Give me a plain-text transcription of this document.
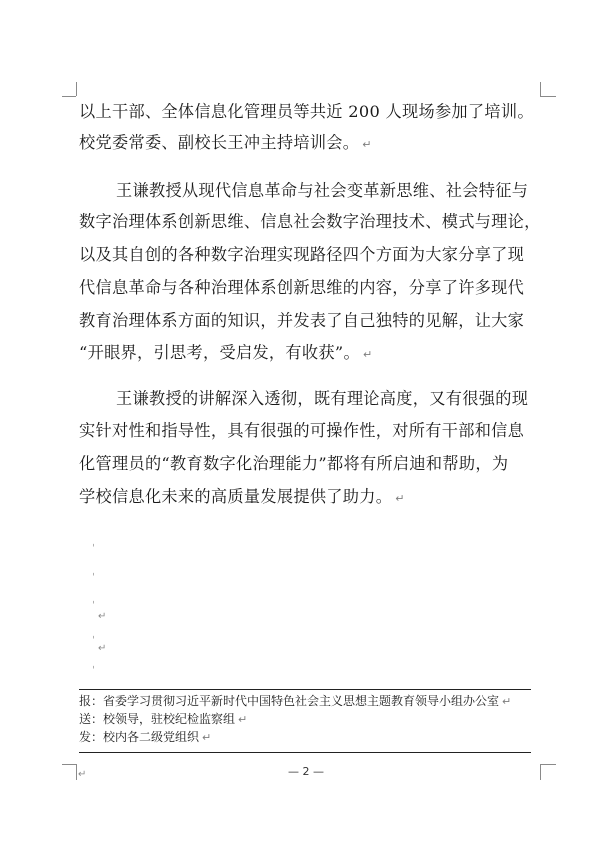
以上干部、全体信息化管理员等共近 200 人现场参加了培训。
校党委常委、副校长王冲主持培训会。 ↵
王谦教授从现代信息革命与社会变革新思维、社会特征与
数字治理体系创新思维、信息社会数字治理技术、模式与理论，
以及其自创的各种数字治理实现路径四个方面为大家分享了现
代信息革命与各种治理体系创新思维的内容，分享了许多现代
教育治理体系方面的知识，并发表了自己独特的见解，让大家
“开眼界，引思考，受启发，有收获”。 ↵
王谦教授的讲解深入透彻，既有理论高度，又有很强的现
实针对性和指导性，具有很强的可操作性，对所有干部和信息
化管理员的“教育数字化治理能力”都将有所启迪和帮助，为
学校信息化未来的高质量发展提供了助力。 ↵
ˌ
ˌ
ˌ
↵
ˌ
↵
ˌ
报：省委学习贯彻习近平新时代中国特色社会主义思想主题教育领导小组办公室 ↵
送：校领导，驻校纪检监察组 ↵
发：校内各二级党组织 ↵
↵	— 2 —
